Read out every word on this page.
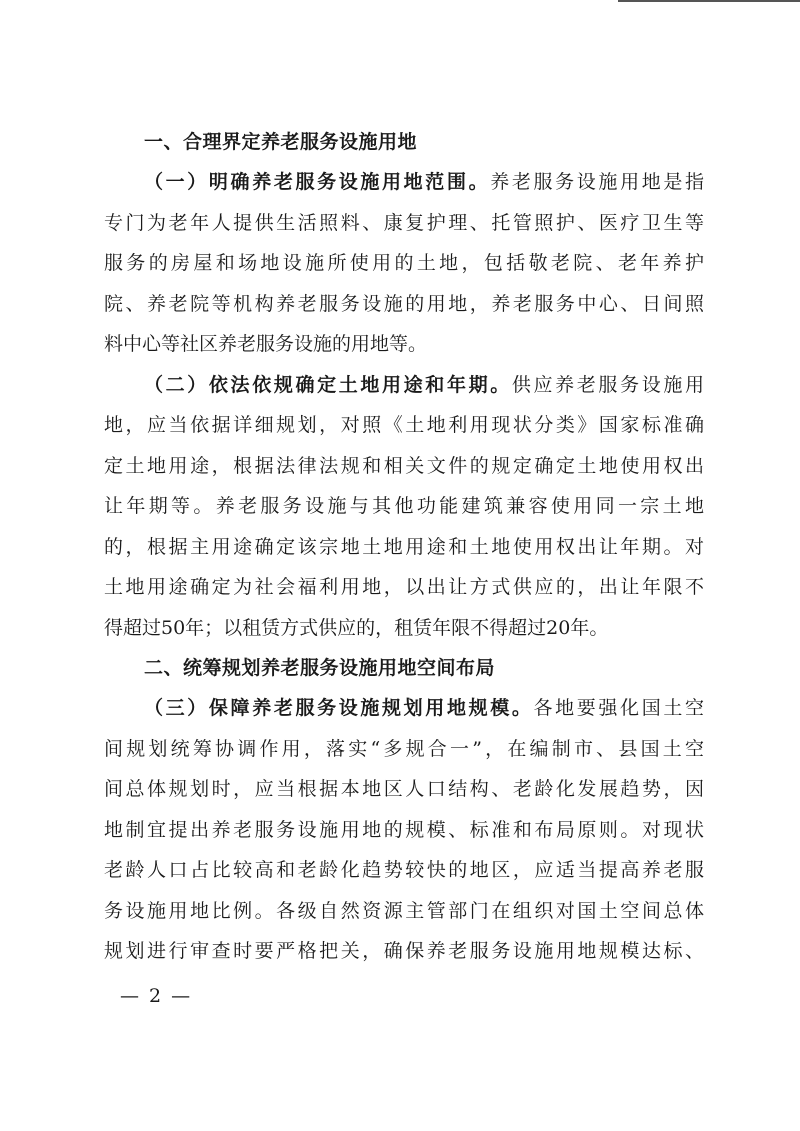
一、合理界定养老服务设施用地

（一）明确养老服务设施用地范围。养老服务设施用地是指
专门为老年人提供生活照料、康复护理、托管照护、医疗卫生等
服务的房屋和场地设施所使用的土地，包括敬老院、老年养护
院、养老院等机构养老服务设施的用地，养老服务中心、日间照
料中心等社区养老服务设施的用地等。

（二）依法依规确定土地用途和年期。供应养老服务设施用
地，应当依据详细规划，对照《土地利用现状分类》国家标准确
定土地用途，根据法律法规和相关文件的规定确定土地使用权出
让年期等。养老服务设施与其他功能建筑兼容使用同一宗土地
的，根据主用途确定该宗地土地用途和土地使用权出让年期。对
土地用途确定为社会福利用地，以出让方式供应的，出让年限不
得超过50年；以租赁方式供应的，租赁年限不得超过20年。

二、统筹规划养老服务设施用地空间布局

（三）保障养老服务设施规划用地规模。各地要强化国土空
间规划统筹协调作用，落实“多规合一”，在编制市、县国土空
间总体规划时，应当根据本地区人口结构、老龄化发展趋势，因
地制宜提出养老服务设施用地的规模、标准和布局原则。对现状
老龄人口占比较高和老龄化趋势较快的地区，应适当提高养老服
务设施用地比例。各级自然资源主管部门在组织对国土空间总体
规划进行审查时要严格把关，确保养老服务设施用地规模达标、

— 2 —
